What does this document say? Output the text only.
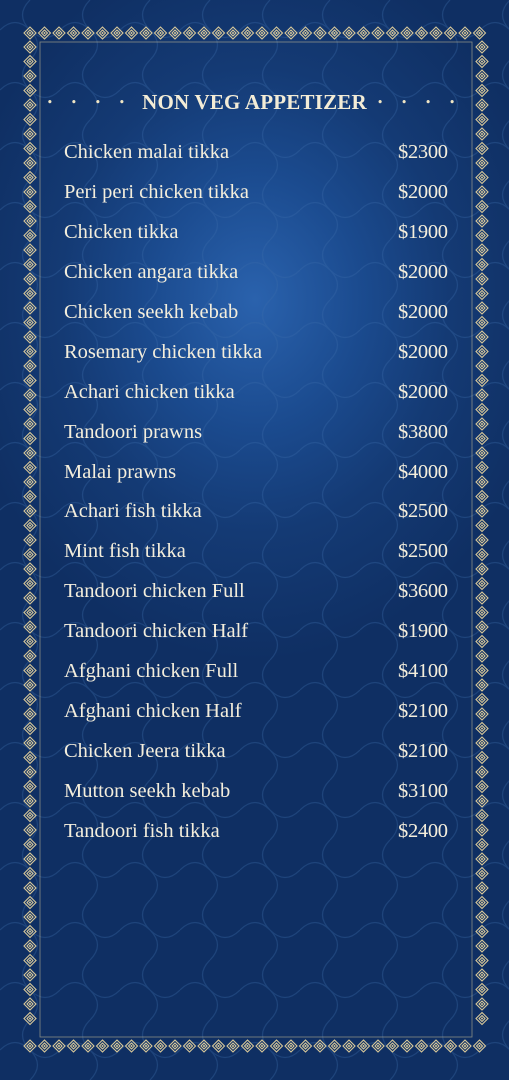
• • • • NON VEG APPETIZER • • • •
Chicken malai tikka	$2300
Peri peri chicken tikka	$2000
Chicken tikka	$1900
Chicken angara tikka	$2000
Chicken seekh kebab	$2000
Rosemary chicken tikka	$2000
Achari chicken tikka	$2000
Tandoori prawns	$3800
Malai prawns	$4000
Achari fish tikka	$2500
Mint fish tikka	$2500
Tandoori chicken Full	$3600
Tandoori chicken Half	$1900
Afghani chicken Full	$4100
Afghani chicken Half	$2100
Chicken Jeera tikka	$2100
Mutton seekh kebab	$3100
Tandoori fish tikka	$2400
